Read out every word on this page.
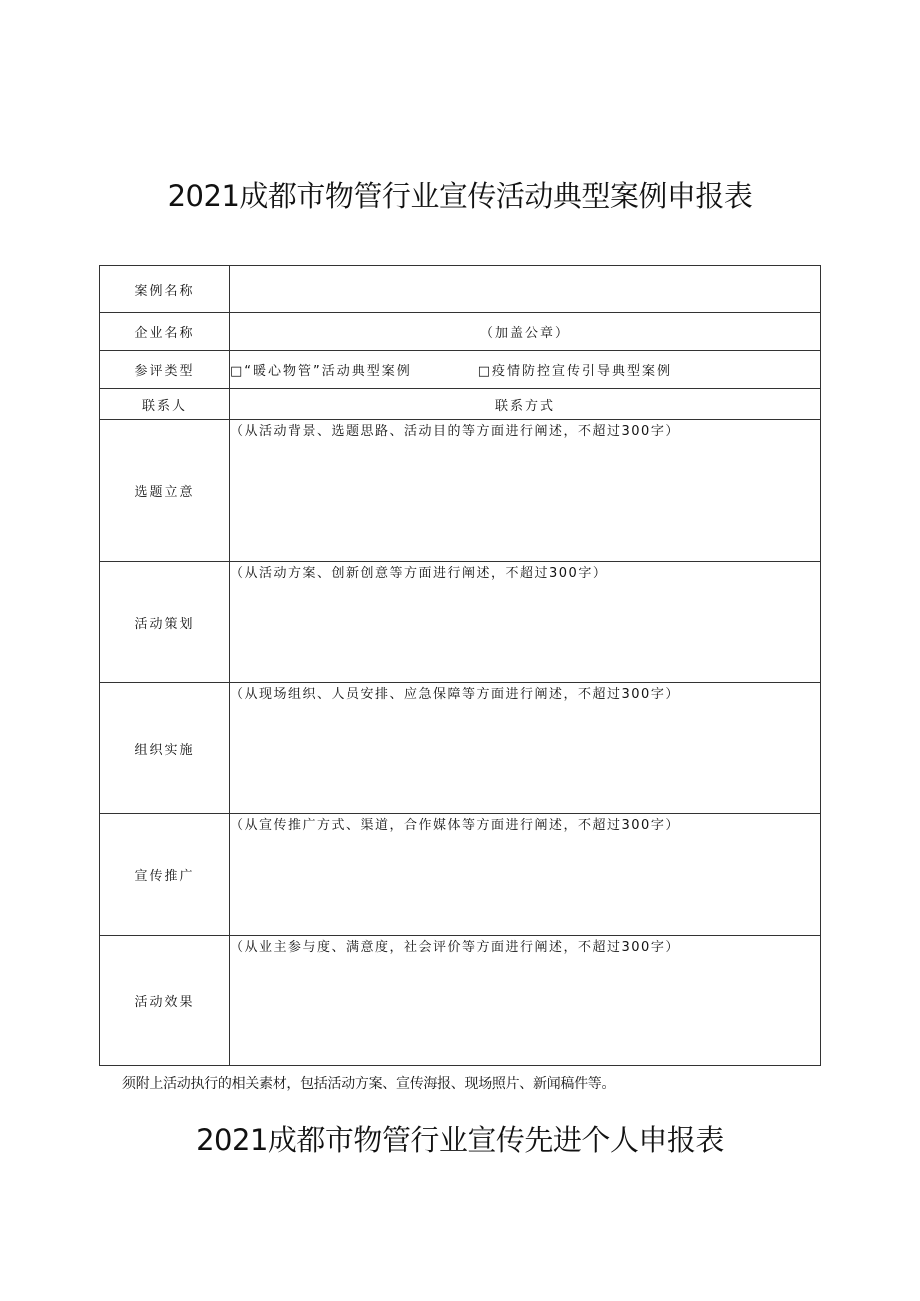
2021成都市物管行业宣传活动典型案例申报表
案例名称	
企业名称	（加盖公章）
参评类型	□“暖心物管”活动典型案例 □疫情防控宣传引导典型案例
联系人	联系方式
选题立意	（从活动背景、选题思路、活动目的等方面进行阐述，不超过300字）
活动策划	（从活动方案、创新创意等方面进行阐述，不超过300字）
组织实施	（从现场组织、人员安排、应急保障等方面进行阐述，不超过300字）
宣传推广	（从宣传推广方式、渠道，合作媒体等方面进行阐述，不超过300字）
活动效果	（从业主参与度、满意度，社会评价等方面进行阐述，不超过300字）
须附上活动执行的相关素材，包括活动方案、宣传海报、现场照片、新闻稿件等。
2021成都市物管行业宣传先进个人申报表
